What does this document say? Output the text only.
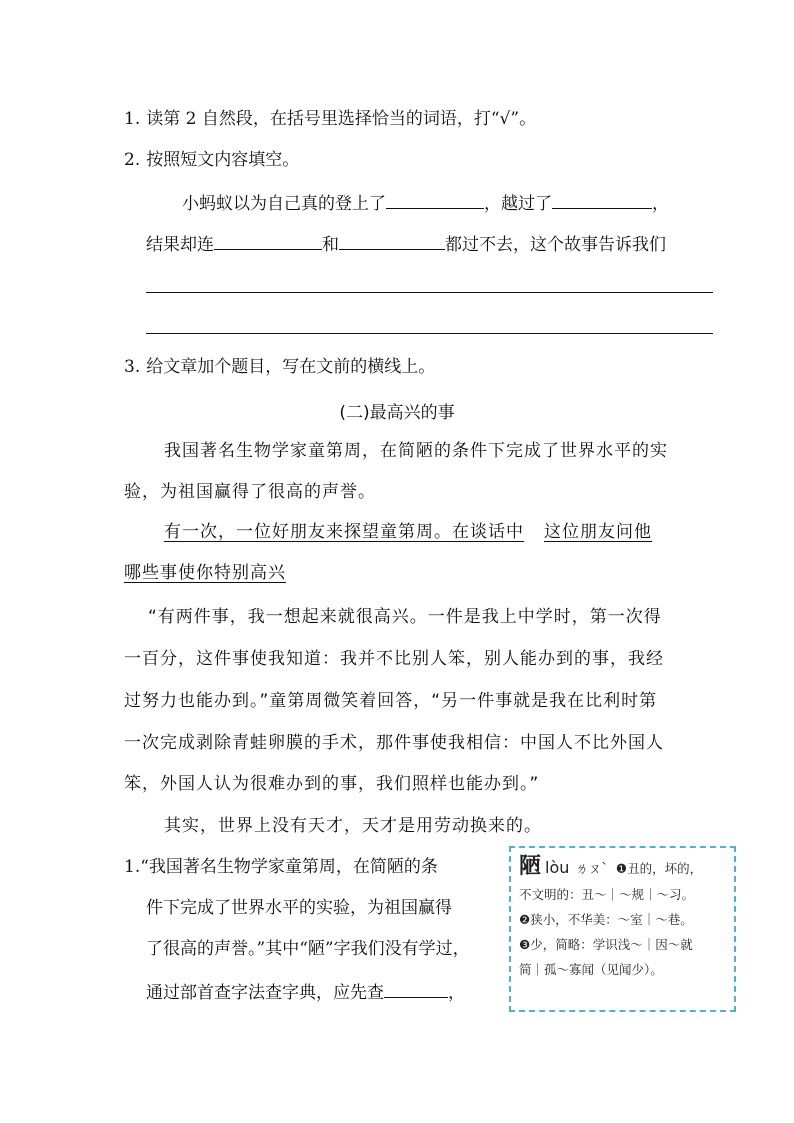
1. 读第 2 自然段，在括号里选择恰当的词语，打“√”。
2. 按照短文内容填空。
小蚂蚁以为自己真的登上了	，越过了	，
结果却连	和	都过不去，这个故事告诉我们
3. 给文章加个题目，写在文前的横线上。
(二)最高兴的事
我国著名生物学家童第周，在简陋的条件下完成了世界水平的实
验，为祖国赢得了很高的声誉。
有一次，一位好朋友来探望童第周。在谈话中 这位朋友问他
哪些事使你特别高兴
“有两件事，我一想起来就很高兴。一件是我上中学时，第一次得
一百分，这件事使我知道：我并不比别人笨，别人能办到的事，我经
过努力也能办到。”童第周微笑着回答，“另一件事就是我在比利时第
一次完成剥除青蛙卵膜的手术，那件事使我相信：中国人不比外国人
笨，外国人认为很难办到的事，我们照样也能办到。”
其实，世界上没有天才，天才是用劳动换来的。
1.“我国著名生物学家童第周，在简陋的条
件下完成了世界水平的实验，为祖国赢得
了很高的声誉。”其中“陋”字我们没有学过，
通过部首查字法查字典，应先查	，
陋 lòu ㄌㄡˋ ❶丑的，坏的，
不文明的：丑～｜～规｜～习。
❷狭小，不华美：～室｜～巷。
❸少，简略：学识浅～｜因～就
简｜孤～寡闻（见闻少）。
